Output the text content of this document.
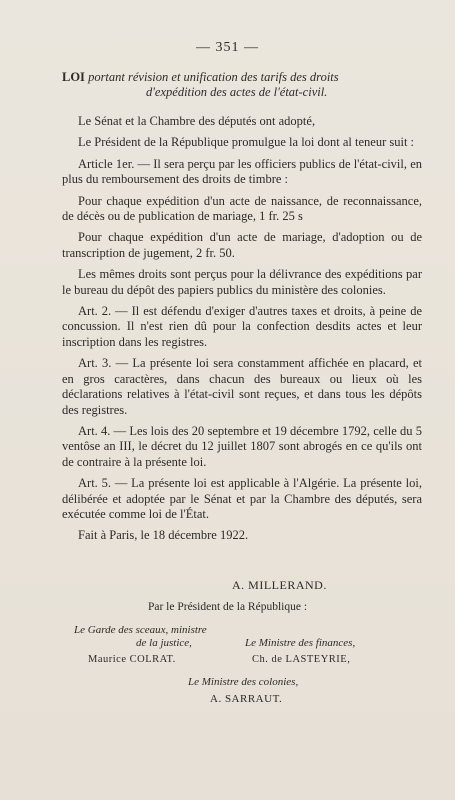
— 351 —
LOI portant révision et unification des tarifs des droits
d'expédition des actes de l'état-civil.

Le Sénat et la Chambre des députés ont adopté,

Le Président de la République promulgue la loi dont al teneur suit :

Article 1er. — Il sera perçu par les officiers publics de l'état-civil, en plus du remboursement des droits de timbre :

Pour chaque expédition d'un acte de naissance, de reconnaissance, de décès ou de publication de mariage, 1 fr. 25 s

Pour chaque expédition d'un acte de mariage, d'adoption ou de transcription de jugement, 2 fr. 50.

Les mêmes droits sont perçus pour la délivrance des expéditions par le bureau du dépôt des papiers publics du ministère des colonies.

Art. 2. — Il est défendu d'exiger d'autres taxes et droits, à peine de concussion. Il n'est rien dû pour la confection desdits actes et leur inscription dans les registres.

Art. 3. — La présente loi sera constamment affichée en placard, et en gros caractères, dans chacun des bureaux ou lieux où les déclarations relatives à l'état-civil sont reçues, et dans tous les dépôts des registres.

Art. 4. — Les lois des 20 septembre et 19 décembre 1792, celle du 5 ventôse an III, le décret du 12 juillet 1807 sont abrogés en ce qu'ils ont de contraire à la présente loi.

Art. 5. — La présente loi est applicable à l'Algérie. La présente loi, délibérée et adoptée par le Sénat et par la Chambre des députés, sera exécutée comme loi de l'État.

Fait à Paris, le 18 décembre 1922.

A. MILLERAND.
Par le Président de la République :
Le Garde des sceaux, ministre
de la justice,
Maurice COLRAT.
Le Ministre des finances,
Ch. de LASTEYRIE,
Le Ministre des colonies,
A. SARRAUT.
